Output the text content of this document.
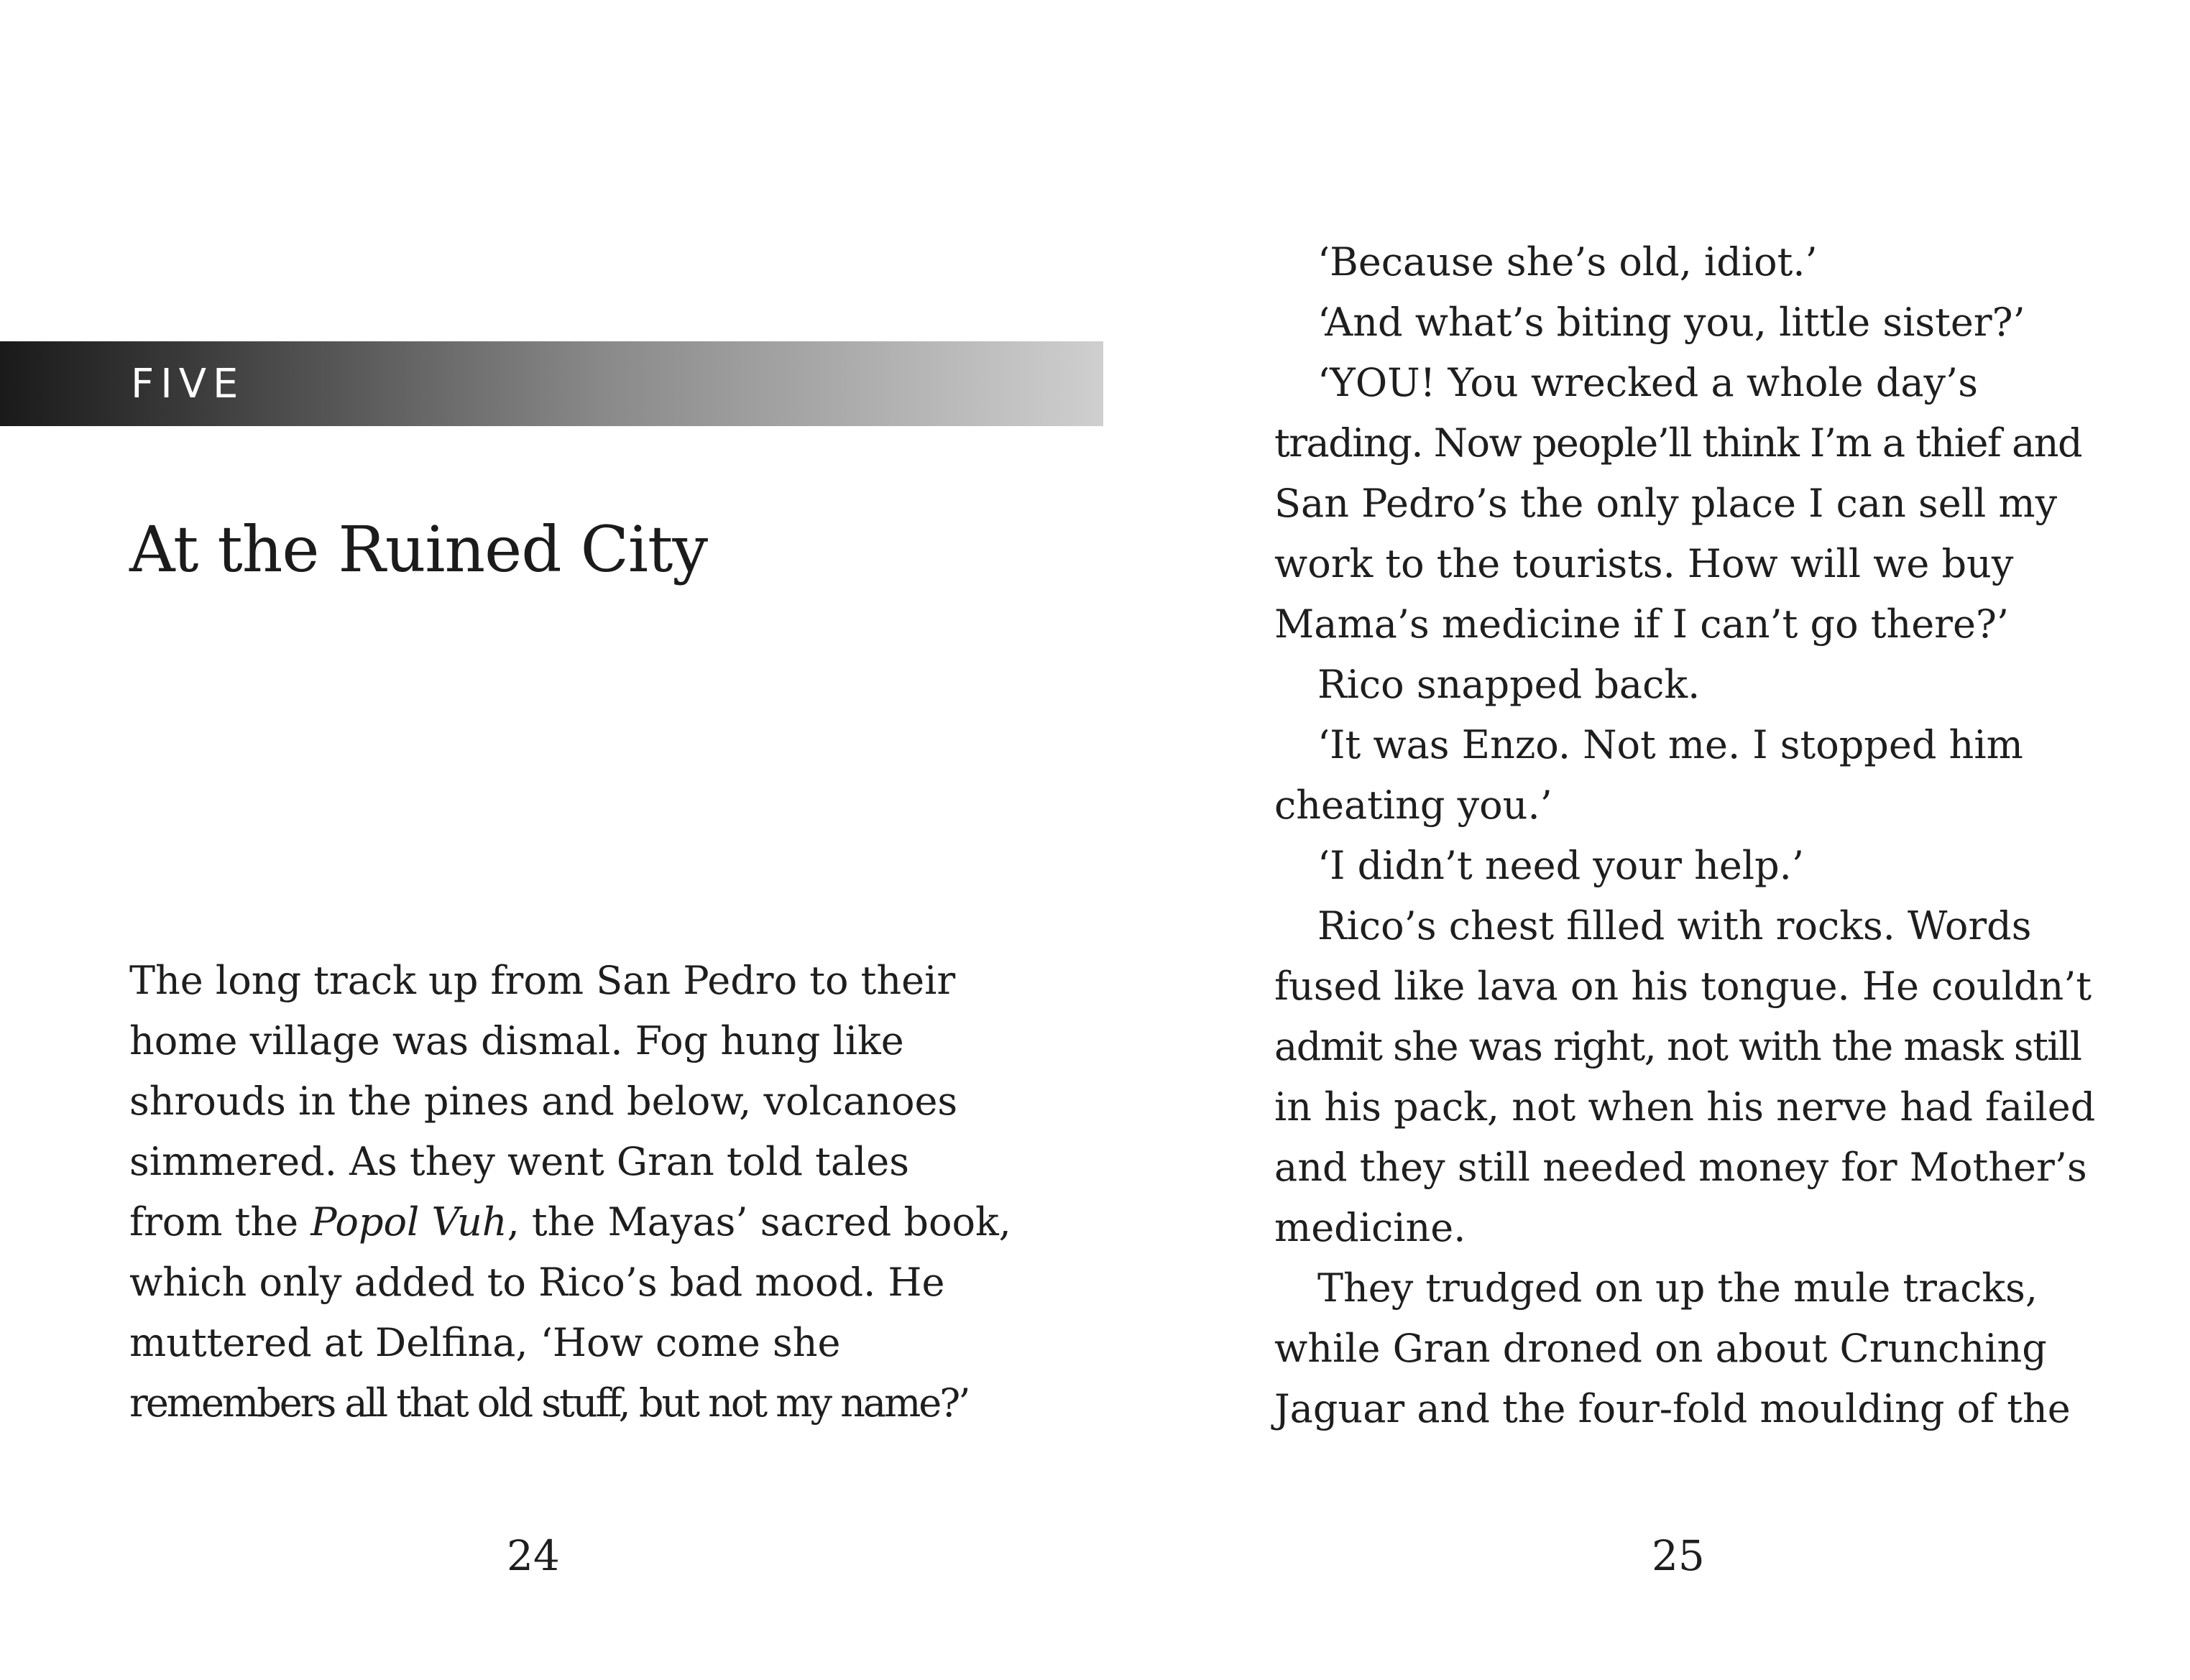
FIVE
At the Ruined City
The long track up from San Pedro to their
home village was dismal. Fog hung like
shrouds in the pines and below, volcanoes
simmered. As they went Gran told tales
from the Popol Vuh, the Mayas’ sacred book,
which only added to Rico’s bad mood. He
muttered at Delfina, ‘How come she
remembers all that old stuff, but not my name?’
24
‘Because she’s old, idiot.’
‘And what’s biting you, little sister?’
‘YOU! You wrecked a whole day’s
trading. Now people’ll think I’m a thief and
San Pedro’s the only place I can sell my
work to the tourists. How will we buy
Mama’s medicine if I can’t go there?’
Rico snapped back.
‘It was Enzo. Not me. I stopped him
cheating you.’
‘I didn’t need your help.’
Rico’s chest filled with rocks. Words
fused like lava on his tongue. He couldn’t
admit she was right, not with the mask still
in his pack, not when his nerve had failed
and they still needed money for Mother’s
medicine.
They trudged on up the mule tracks,
while Gran droned on about Crunching
Jaguar and the four-fold moulding of the
25
